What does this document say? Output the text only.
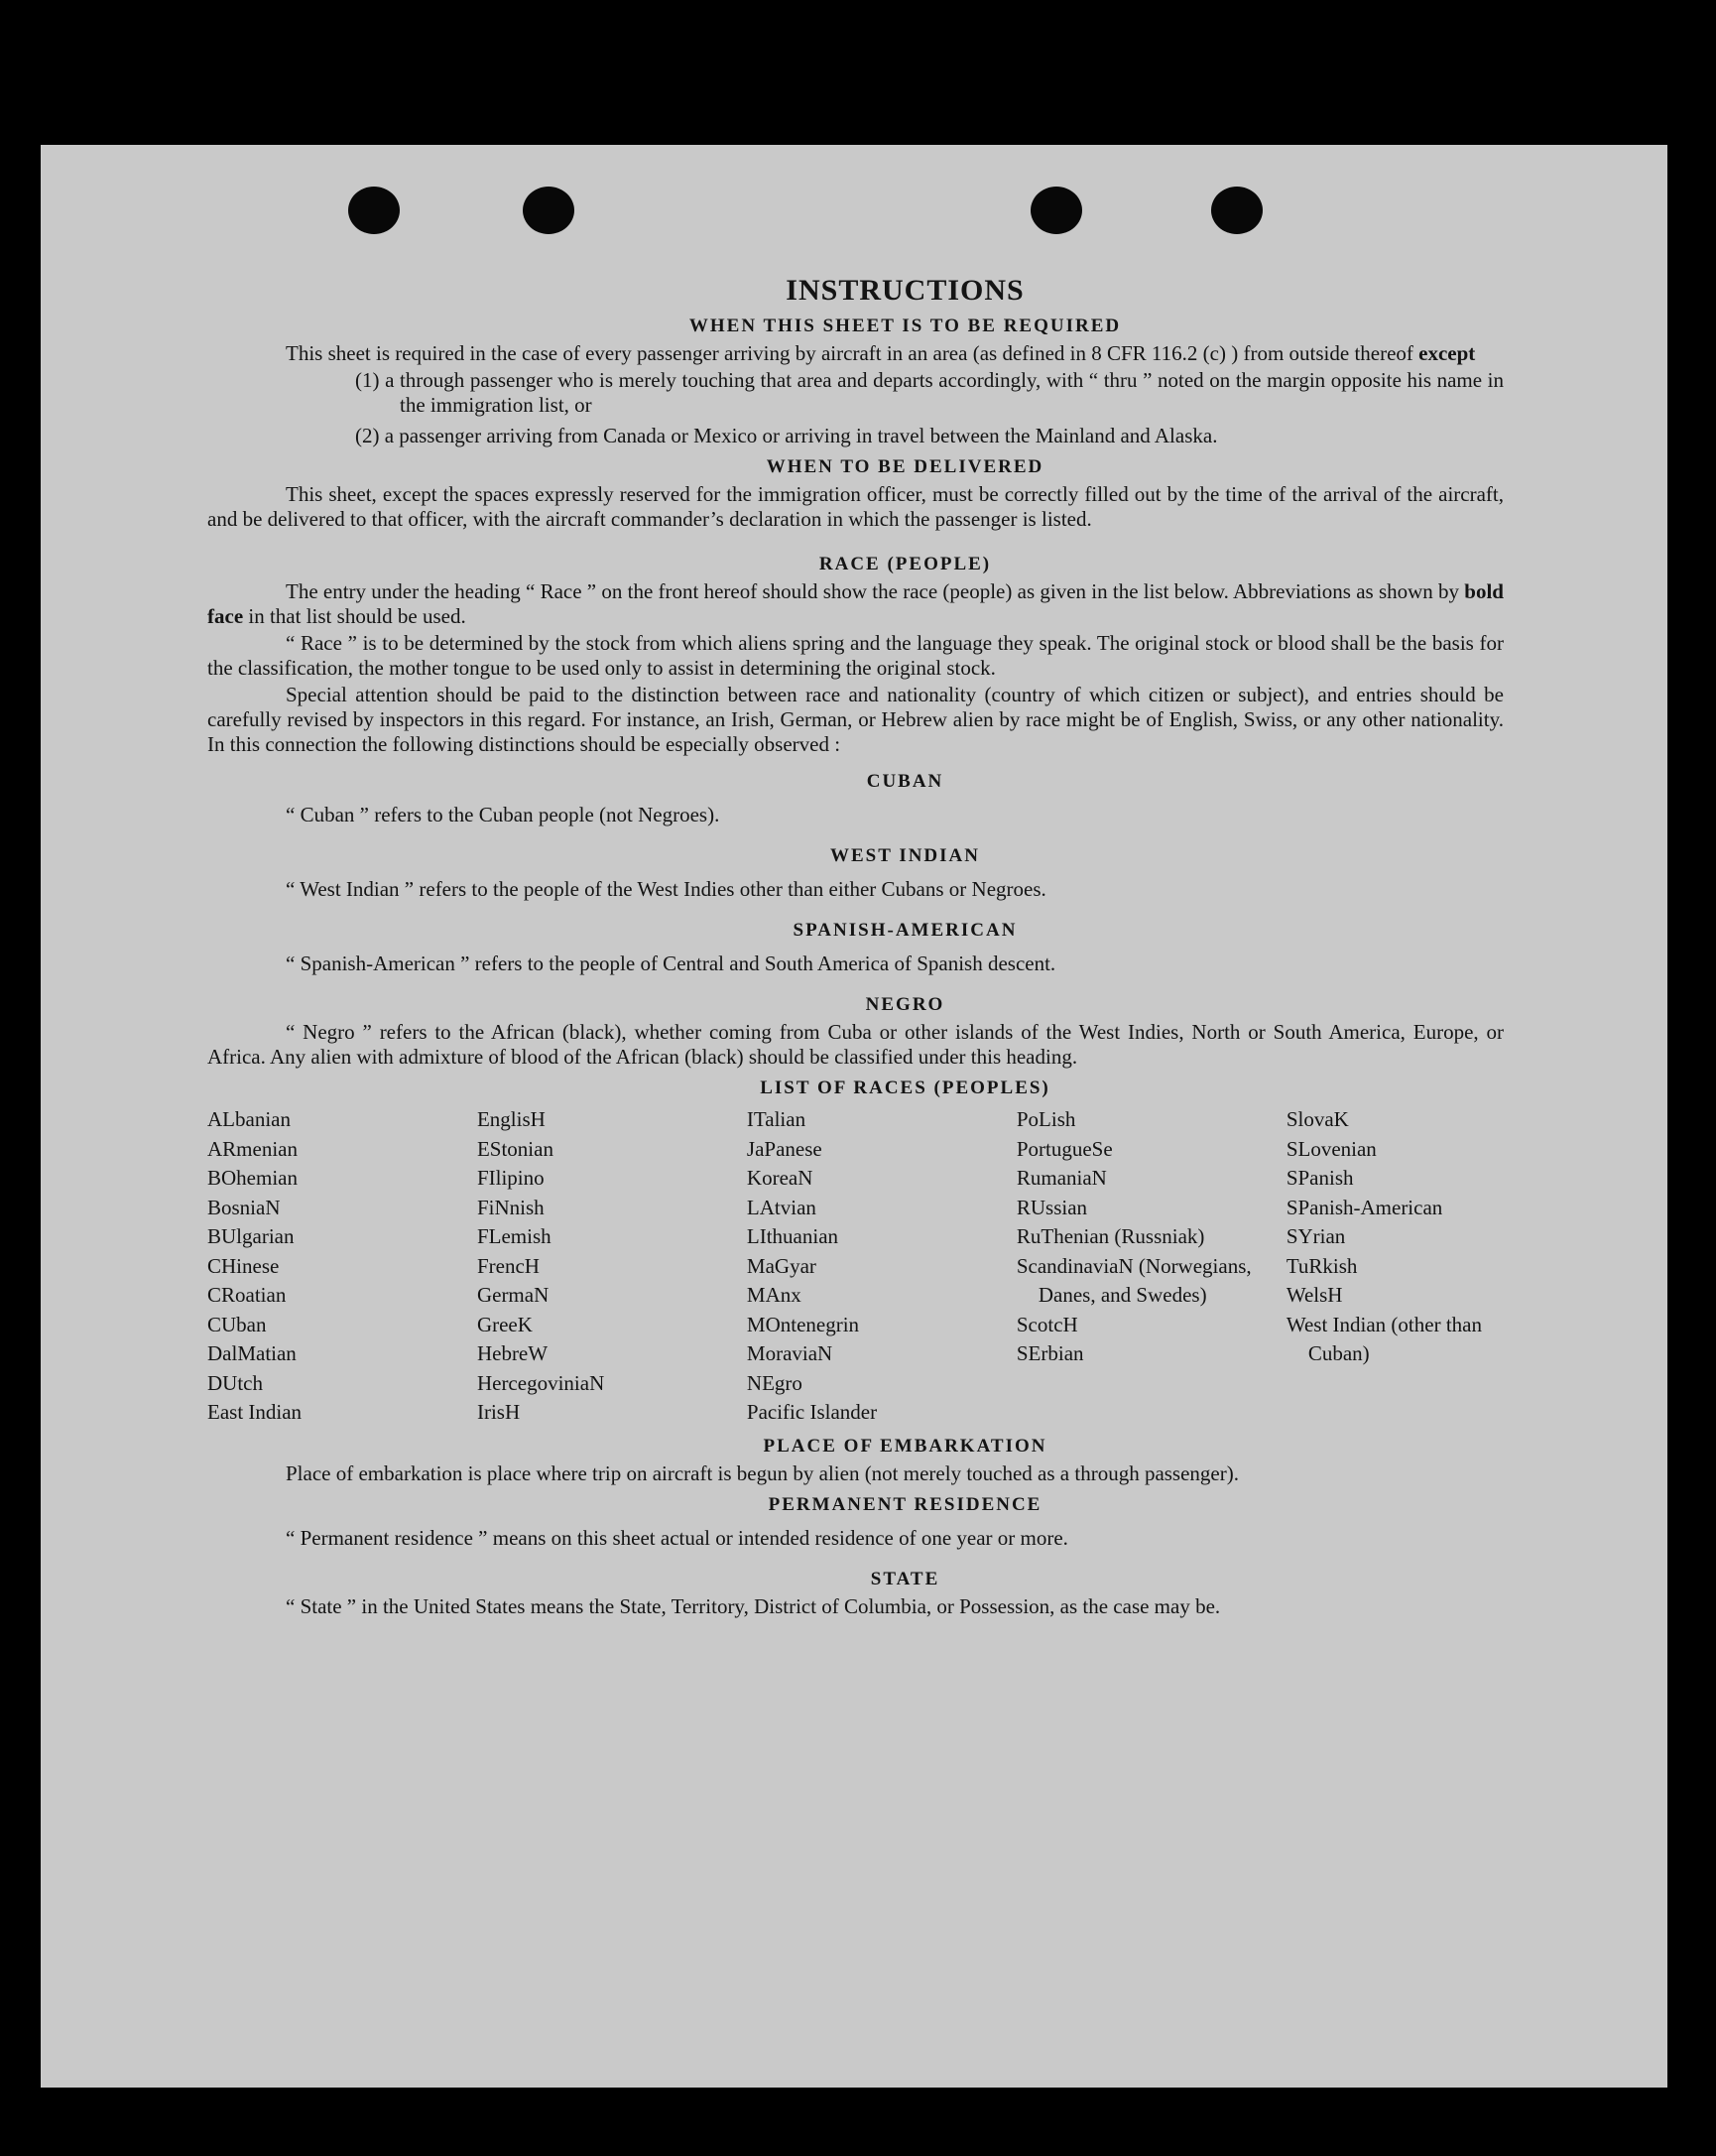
INSTRUCTIONS
WHEN THIS SHEET IS TO BE REQUIRED
This sheet is required in the case of every passenger arriving by aircraft in an area (as defined in 8 CFR 116.2 (c) ) from outside thereof except
(1) a through passenger who is merely touching that area and departs accordingly, with “ thru ” noted on the margin opposite his name in the immigration list, or
(2) a passenger arriving from Canada or Mexico or arriving in travel between the Mainland and Alaska.
WHEN TO BE DELIVERED
This sheet, except the spaces expressly reserved for the immigration officer, must be correctly filled out by the time of the arrival of the aircraft, and be delivered to that officer, with the aircraft commander’s declaration in which the passenger is listed.
RACE (PEOPLE)
The entry under the heading “ Race ” on the front hereof should show the race (people) as given in the list below. Abbreviations as shown by bold face in that list should be used.
“ Race ” is to be determined by the stock from which aliens spring and the language they speak. The original stock or blood shall be the basis for the classification, the mother tongue to be used only to assist in determining the original stock.
Special attention should be paid to the distinction between race and nationality (country of which citizen or subject), and entries should be carefully revised by inspectors in this regard. For instance, an Irish, German, or Hebrew alien by race might be of English, Swiss, or any other nationality. In this connection the following distinctions should be especially observed :
CUBAN
“ Cuban ” refers to the Cuban people (not Negroes).
WEST INDIAN
“ West Indian ” refers to the people of the West Indies other than either Cubans or Negroes.
SPANISH-AMERICAN
“ Spanish-American ” refers to the people of Central and South America of Spanish descent.
NEGRO
“ Negro ” refers to the African (black), whether coming from Cuba or other islands of the West Indies, North or South America, Europe, or Africa. Any alien with admixture of blood of the African (black) should be classified under this heading.
LIST OF RACES (PEOPLES)
ALbanian
ARmenian
BOhemian
BosniaN
BUlgarian
CHinese
CRoatian
CUban
DalMatian
DUtch
East Indian
EnglisH
EStonian
FIlipino
FiNnish
FLemish
FrencH
GermaN
GreeK
HebreW
HercegoviniaN
IrisH
ITalian
JaPanese
KoreaN
LAtvian
LIthuanian
MaGyar
MAnx
MOntenegrin
MoraviaN
NEgro
Pacific Islander
PoLish
PortugueSe
RumaniaN
RUssian
RuThenian (Russniak)
ScandinaviaN (Norwegians, Danes, and Swedes)
ScotcH
SErbian
SlovaK
SLovenian
SPanish
SPanish-American
SYrian
TuRkish
WelsH
West Indian (other than Cuban)
PLACE OF EMBARKATION
Place of embarkation is place where trip on aircraft is begun by alien (not merely touched as a through passenger).
PERMANENT RESIDENCE
“ Permanent residence ” means on this sheet actual or intended residence of one year or more.
STATE
“ State ” in the United States means the State, Territory, District of Columbia, or Possession, as the case may be.
